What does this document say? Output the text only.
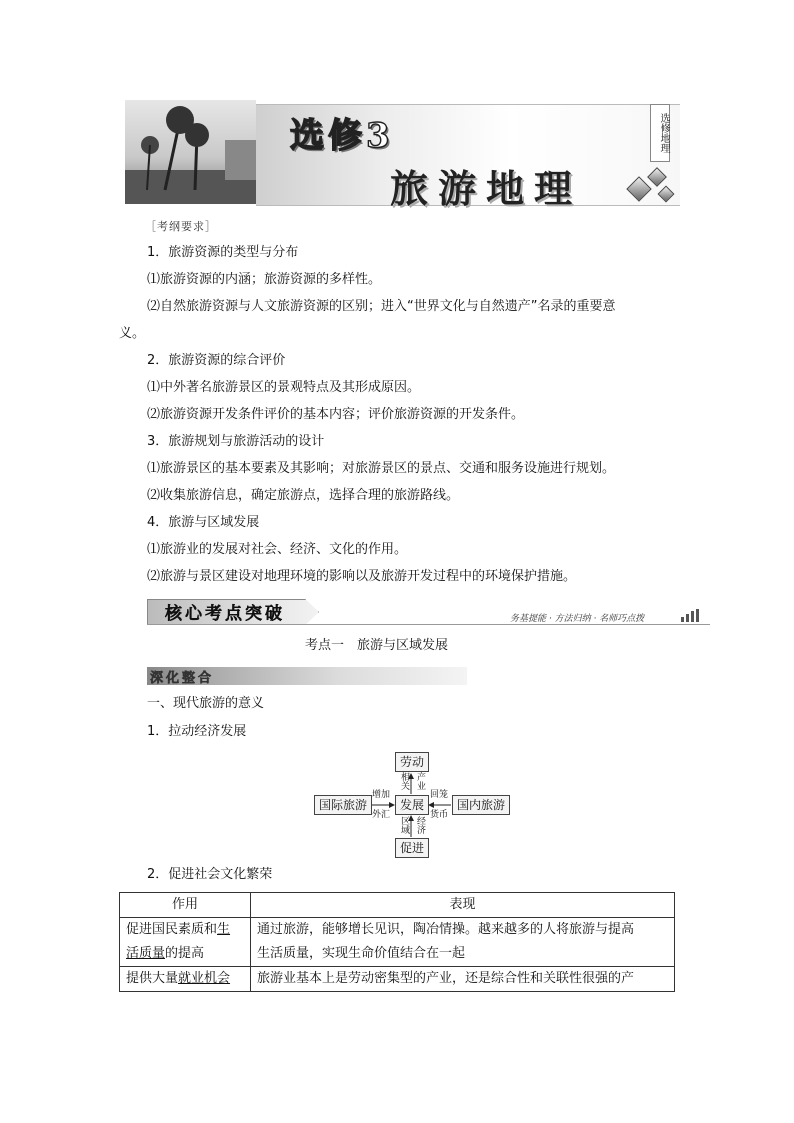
选修3
旅游地理
选修地理
［考纲要求］
1．旅游资源的类型与分布
⑴旅游资源的内涵；旅游资源的多样性。
⑵自然旅游资源与人文旅游资源的区别；进入“世界文化与自然遗产”名录的重要意
义。
2．旅游资源的综合评价
⑴中外著名旅游景区的景观特点及其形成原因。
⑵旅游资源开发条件评价的基本内容；评价旅游资源的开发条件。
3．旅游规划与旅游活动的设计
⑴旅游景区的基本要素及其影响；对旅游景区的景点、交通和服务设施进行规划。
⑵收集旅游信息，确定旅游点，选择合理的旅游路线。
4．旅游与区域发展
⑴旅游业的发展对社会、经济、文化的作用。
⑵旅游与景区建设对地理环境的影响以及旅游开发过程中的环境保护措施。
核心考点突破	务基提能 · 方法归纳 · 名师巧点拨
考点一　旅游与区域发展
深化整合
一、现代旅游的意义
1．拉动经济发展
劳动
发展
促进
国际旅游	国内旅游
增加
外汇
回笼
货币
相关 产业
区域 经济
2．促进社会文化繁荣
作用	表现
促进国民素质和生
活质量的提高	通过旅游，能够增长见识，陶冶情操。越来越多的人将旅游与提高
生活质量，实现生命价值结合在一起
提供大量就业机会	旅游业基本上是劳动密集型的产业，还是综合性和关联性很强的产
